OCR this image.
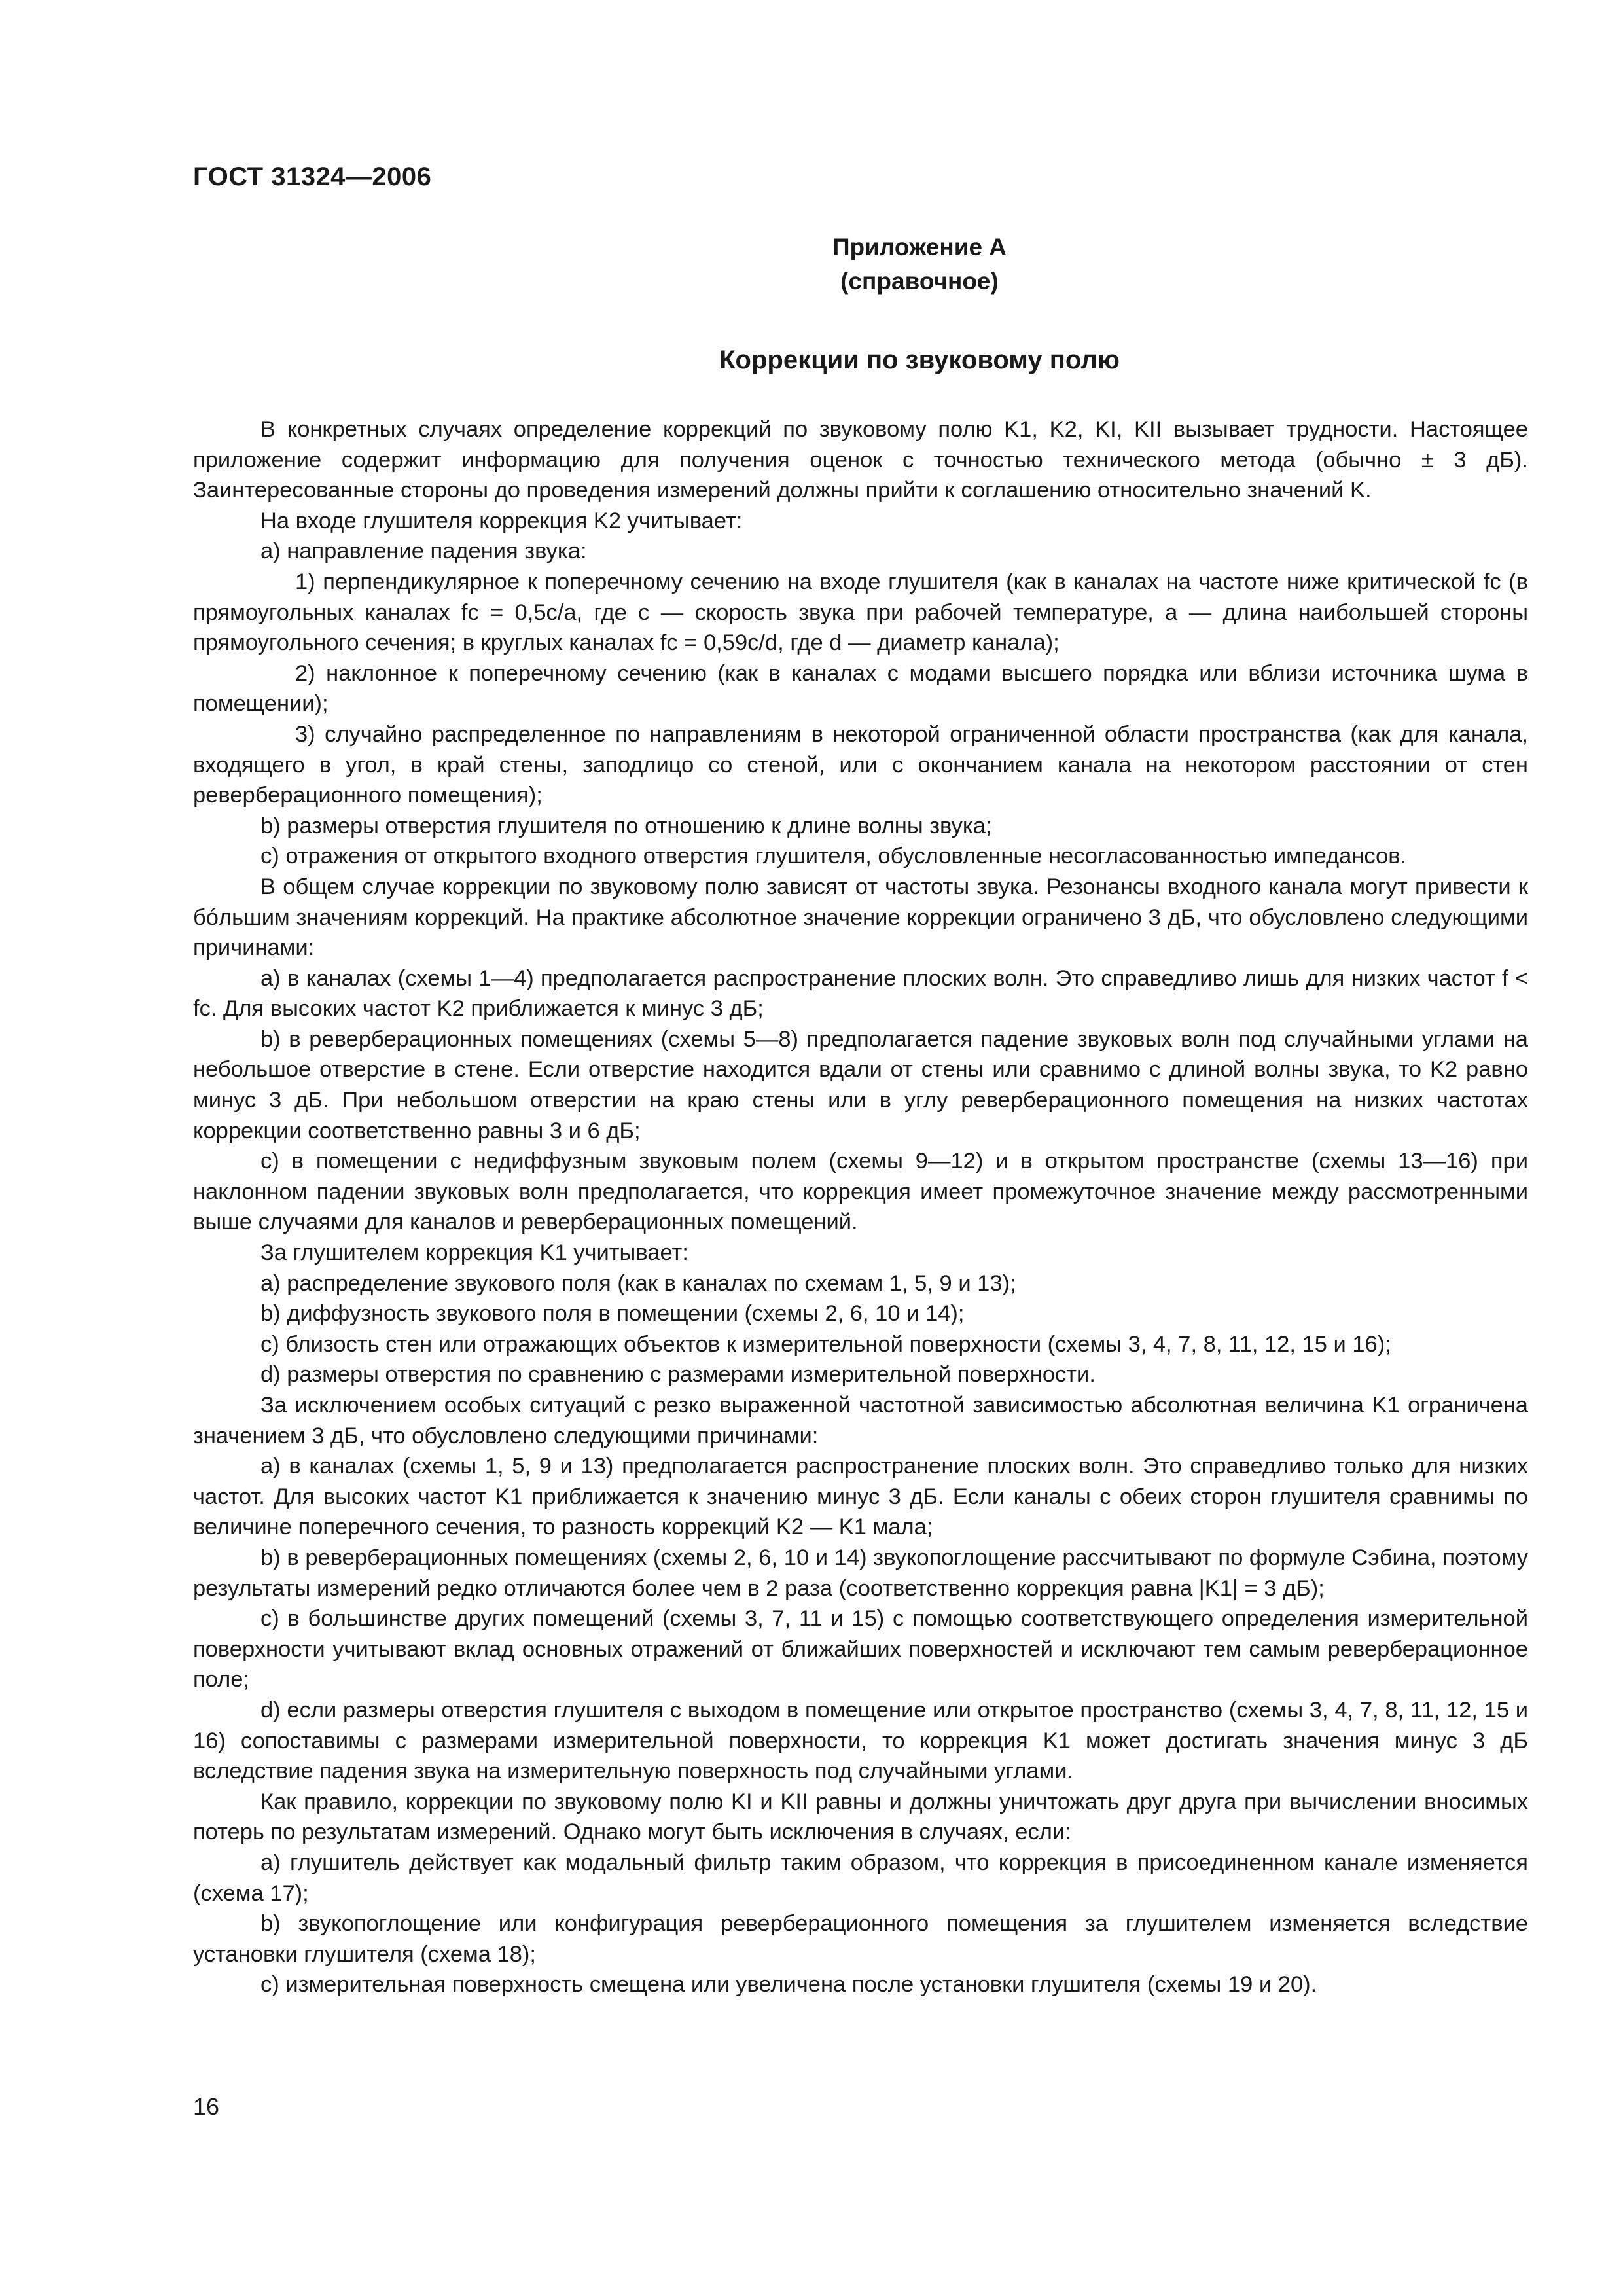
ГОСТ 31324—2006
Приложение А
(справочное)
Коррекции по звуковому полю

В конкретных случаях определение коррекций по звуковому полю K1, K2, KI, KII вызывает трудности. Настоящее приложение содержит информацию для получения оценок с точностью технического метода (обычно ± 3 дБ). Заинтересованные стороны до проведения измерений должны прийти к соглашению относительно значений K.

На входе глушителя коррекция K2 учитывает:

а) направление падения звука:

1) перпендикулярное к поперечному сечению на входе глушителя (как в каналах на частоте ниже критической fc (в прямоугольных каналах fc = 0,5c/a, где c — скорость звука при рабочей температуре, a — длина наибольшей стороны прямоугольного сечения; в круглых каналах fc = 0,59c/d, где d — диаметр канала);

2) наклонное к поперечному сечению (как в каналах с модами высшего порядка или вблизи источника шума в помещении);

3) случайно распределенное по направлениям в некоторой ограниченной области пространства (как для канала, входящего в угол, в край стены, заподлицо со стеной, или с окончанием канала на некотором расстоянии от стен реверберационного помещения);

b) размеры отверстия глушителя по отношению к длине волны звука;

с) отражения от открытого входного отверстия глушителя, обусловленные несогласованностью импедансов.

В общем случае коррекции по звуковому полю зависят от частоты звука. Резонансы входного канала могут привести к бóльшим значениям коррекций. На практике абсолютное значение коррекции ограничено 3 дБ, что обусловлено следующими причинами:

а) в каналах (схемы 1—4) предполагается распространение плоских волн. Это справедливо лишь для низких частот f < fc. Для высоких частот K2 приближается к минус 3 дБ;

b) в реверберационных помещениях (схемы 5—8) предполагается падение звуковых волн под случайными углами на небольшое отверстие в стене. Если отверстие находится вдали от стены или сравнимо с длиной волны звука, то K2 равно минус 3 дБ. При небольшом отверстии на краю стены или в углу реверберационного помещения на низких частотах коррекции соответственно равны 3 и 6 дБ;

с) в помещении с недиффузным звуковым полем (схемы 9—12) и в открытом пространстве (схемы 13—16) при наклонном падении звуковых волн предполагается, что коррекция имеет промежуточное значение между рассмотренными выше случаями для каналов и реверберационных помещений.

За глушителем коррекция K1 учитывает:

а) распределение звукового поля (как в каналах по схемам 1, 5, 9 и 13);

b) диффузность звукового поля в помещении (схемы 2, 6, 10 и 14);

с) близость стен или отражающих объектов к измерительной поверхности (схемы 3, 4, 7, 8, 11, 12, 15 и 16);

d) размеры отверстия по сравнению с размерами измерительной поверхности.

За исключением особых ситуаций с резко выраженной частотной зависимостью абсолютная величина K1 ограничена значением 3 дБ, что обусловлено следующими причинами:

а) в каналах (схемы 1, 5, 9 и 13) предполагается распространение плоских волн. Это справедливо только для низких частот. Для высоких частот K1 приближается к значению минус 3 дБ. Если каналы с обеих сторон глушителя сравнимы по величине поперечного сечения, то разность коррекций K2 — K1 мала;

b) в реверберационных помещениях (схемы 2, 6, 10 и 14) звукопоглощение рассчитывают по формуле Сэбина, поэтому результаты измерений редко отличаются более чем в 2 раза (соответственно коррекция равна |K1| = 3 дБ);

с) в большинстве других помещений (схемы 3, 7, 11 и 15) с помощью соответствующего определения измерительной поверхности учитывают вклад основных отражений от ближайших поверхностей и исключают тем самым реверберационное поле;

d) если размеры отверстия глушителя с выходом в помещение или открытое пространство (схемы 3, 4, 7, 8, 11, 12, 15 и 16) сопоставимы с размерами измерительной поверхности, то коррекция K1 может достигать значения минус 3 дБ вследствие падения звука на измерительную поверхность под случайными углами.

Как правило, коррекции по звуковому полю KI и KII равны и должны уничтожать друг друга при вычислении вносимых потерь по результатам измерений. Однако могут быть исключения в случаях, если:

а) глушитель действует как модальный фильтр таким образом, что коррекция в присоединенном канале изменяется (схема 17);

b) звукопоглощение или конфигурация реверберационного помещения за глушителем изменяется вследствие установки глушителя (схема 18);

с) измерительная поверхность смещена или увеличена после установки глушителя (схемы 19 и 20).

16
